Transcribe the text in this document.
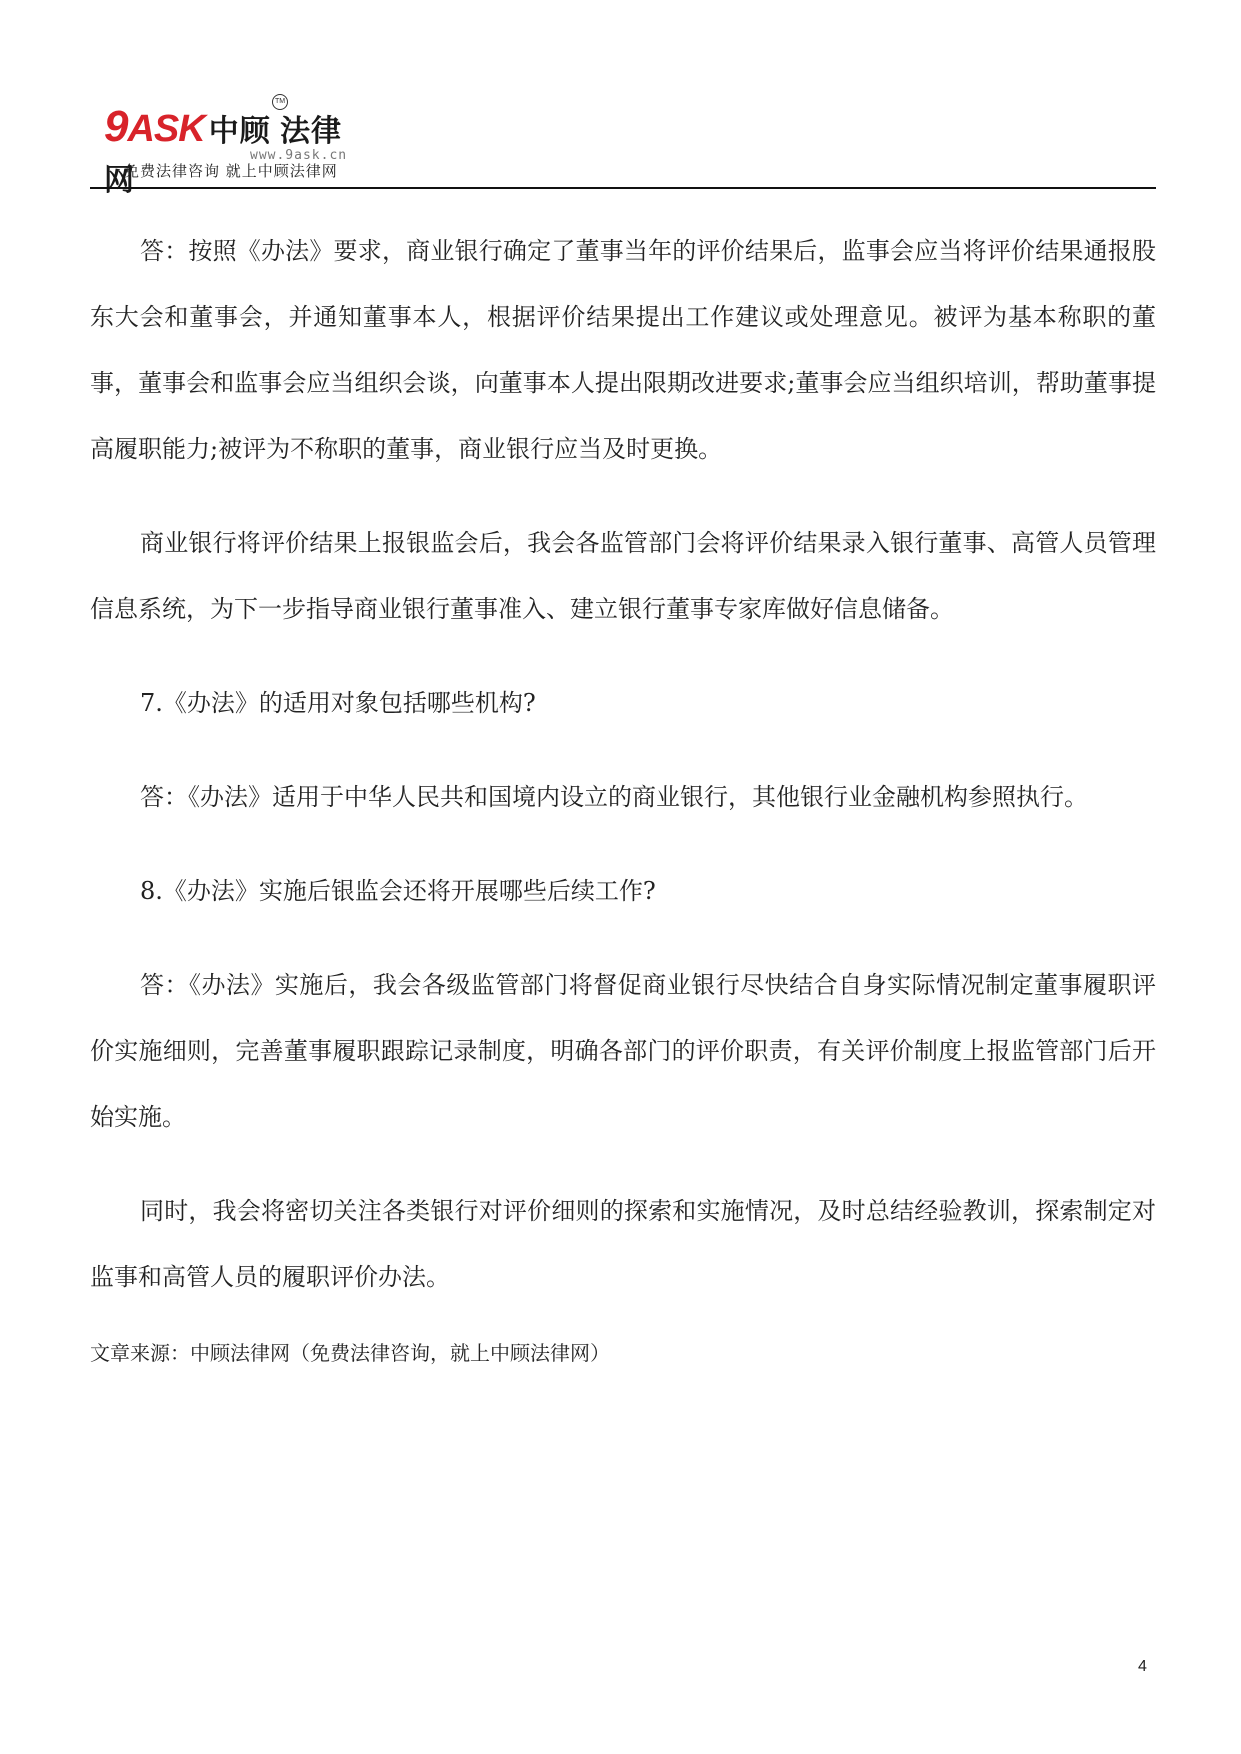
9ASK 中顾 法律网
TM
www.9ask.cn
免费法律咨询 就上中顾法律网

答：按照《办法》要求，商业银行确定了董事当年的评价结果后，监事会应当将评价结果通报股东大会和董事会，并通知董事本人，根据评价结果提出工作建议或处理意见。被评为基本称职的董事，董事会和监事会应当组织会谈，向董事本人提出限期改进要求;董事会应当组织培训，帮助董事提高履职能力;被评为不称职的董事，商业银行应当及时更换。

商业银行将评价结果上报银监会后，我会各监管部门会将评价结果录入银行董事、高管人员管理信息系统，为下一步指导商业银行董事准入、建立银行董事专家库做好信息储备。

7.《办法》的适用对象包括哪些机构?

答：《办法》适用于中华人民共和国境内设立的商业银行，其他银行业金融机构参照执行。

8.《办法》实施后银监会还将开展哪些后续工作?

答：《办法》实施后，我会各级监管部门将督促商业银行尽快结合自身实际情况制定董事履职评价实施细则，完善董事履职跟踪记录制度，明确各部门的评价职责，有关评价制度上报监管部门后开始实施。

同时，我会将密切关注各类银行对评价细则的探索和实施情况，及时总结经验教训，探索制定对监事和高管人员的履职评价办法。

文章来源：中顾法律网（免费法律咨询，就上中顾法律网）

4
